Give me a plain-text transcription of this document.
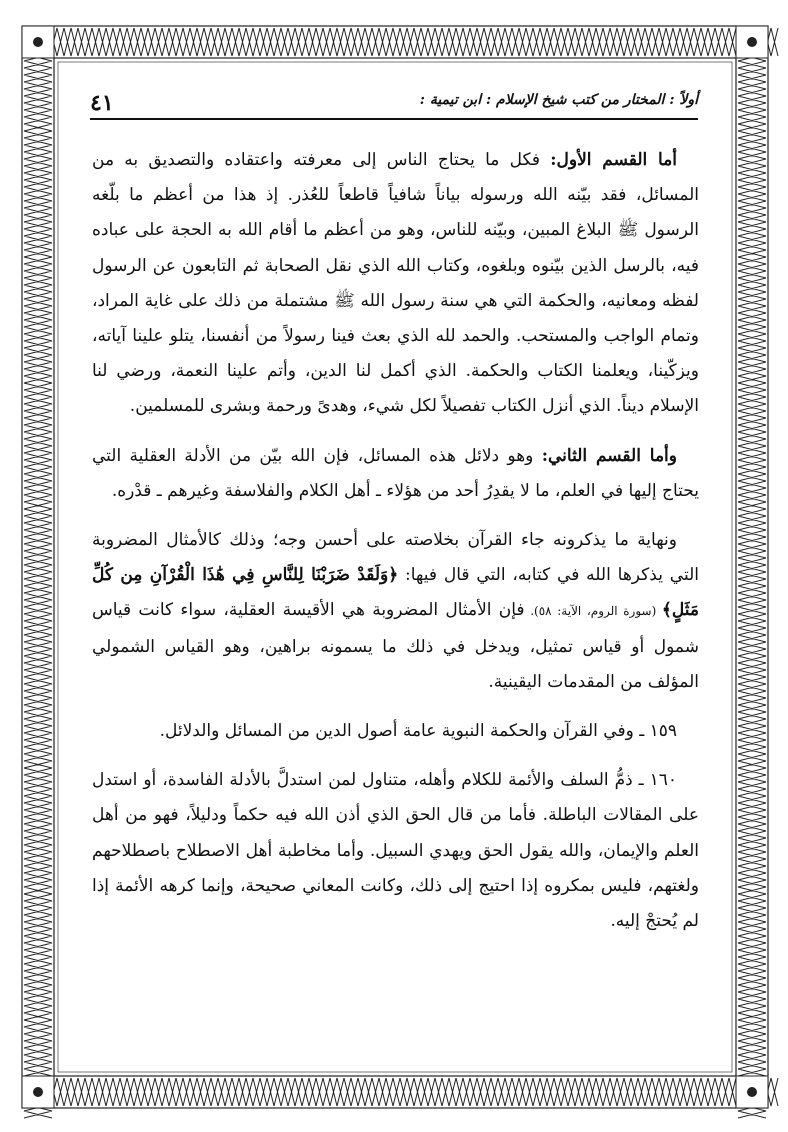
٤١	أولاً : المختار من كتب شيخ الإسلام : ابن تيمية :

أما القسم الأول: فكل ما يحتاج الناس إلى معرفته واعتقاده والتصديق به من المسائل، فقد بيّنه الله ورسوله بياناً شافياً قاطعاً للعُذر. إذ هذا من أعظم ما بلّغه الرسول ﷺ البلاغ المبين، وبيّنه للناس، وهو من أعظم ما أقام الله به الحجة على عباده فيه، بالرسل الذين بيّنوه وبلغوه، وكتاب الله الذي نقل الصحابة ثم التابعون عن الرسول لفظه ومعانيه، والحكمة التي هي سنة رسول الله ﷺ مشتملة من ذلك على غاية المراد، وتمام الواجب والمستحب. والحمد لله الذي بعث فينا رسولاً من أنفسنا، يتلو علينا آياته، ويزكّينا، ويعلمنا الكتاب والحكمة. الذي أكمل لنا الدين، وأتم علينا النعمة، ورضي لنا الإسلام ديناً. الذي أنزل الكتاب تفصيلاً لكل شيء، وهدىً ورحمة وبشرى للمسلمين.

وأما القسم الثاني: وهو دلائل هذه المسائل، فإن الله بيّن من الأدلة العقلية التي يحتاج إليها في العلم، ما لا يقدِرُ أحد من هؤلاء ـ أهل الكلام والفلاسفة وغيرهم ـ قدْره.

ونهاية ما يذكرونه جاء القرآن بخلاصته على أحسن وجه؛ وذلك كالأمثال المضروبة التي يذكرها الله في كتابه، التي قال فيها: ﴿وَلَقَدْ ضَرَبْنَا لِلنَّاسِ فِي هَٰذَا الْقُرْآنِ مِن كُلِّ مَثَلٍ﴾ (سورة الروم، الآية: ٥٨). فإن الأمثال المضروبة هي الأقيسة العقلية، سواء كانت قياس شمول أو قياس تمثيل، ويدخل في ذلك ما يسمونه براهين، وهو القياس الشمولي المؤلف من المقدمات اليقينية.

١٥٩ ـ وفي القرآن والحكمة النبوية عامة أصول الدين من المسائل والدلائل.

١٦٠ ـ ذمُّ السلف والأئمة للكلام وأهله، متناول لمن استدلَّ بالأدلة الفاسدة، أو استدل على المقالات الباطلة. فأما من قال الحق الذي أذن الله فيه حكماً ودليلاً، فهو من أهل العلم والإيمان، والله يقول الحق ويهدي السبيل. وأما مخاطبة أهل الاصطلاح باصطلاحهم ولغتهم، فليس بمكروه إذا احتيج إلى ذلك، وكانت المعاني صحيحة، وإنما كرهه الأئمة إذا لم يُحتجْ إليه.
